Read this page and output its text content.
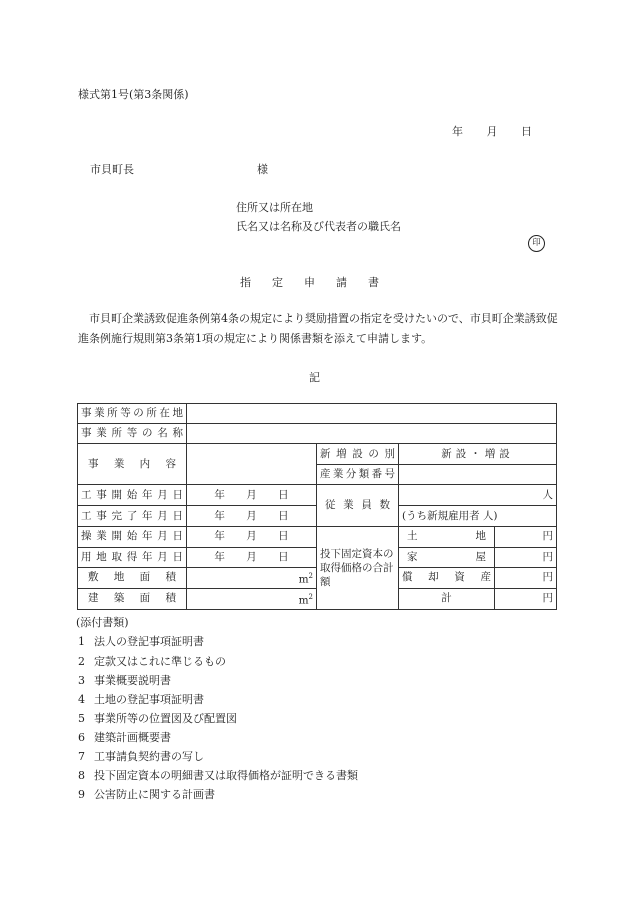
様式第1号(第3条関係)
年 月 日
市貝町長	様
住所又は所在地
氏名又は名称及び代表者の職氏名
印
指定申請書
市貝町企業誘致促進条例第4条の規定により奨励措置の指定を受けたいので、市貝町企業誘致促進条例施行規則第3条第1項の規定により関係書類を添えて申請します。
記
事業所等の所在地				
事業所等の名称				
事業内容		新増設の別	新設・増設	
		産業分類番号		
工事開始年月日	年 月 日	従業員数	人	
工事完了年月日	年 月 日		(うち新規雇用者 人)	
操業開始年月日	年 月 日	投下固定資本の取得価格の合計額	土地	円
用地取得年月日	年 月 日		家屋	円
敷地面積	$m^2$		償却資産	円
建築面積	$m^2$		計	円
(添付書類)
1 法人の登記事項証明書
2 定款又はこれに準じるもの
3 事業概要説明書
4 土地の登記事項証明書
5 事業所等の位置図及び配置図
6 建築計画概要書
7 工事請負契約書の写し
8 投下固定資本の明細書又は取得価格が証明できる書類
9 公害防止に関する計画書
